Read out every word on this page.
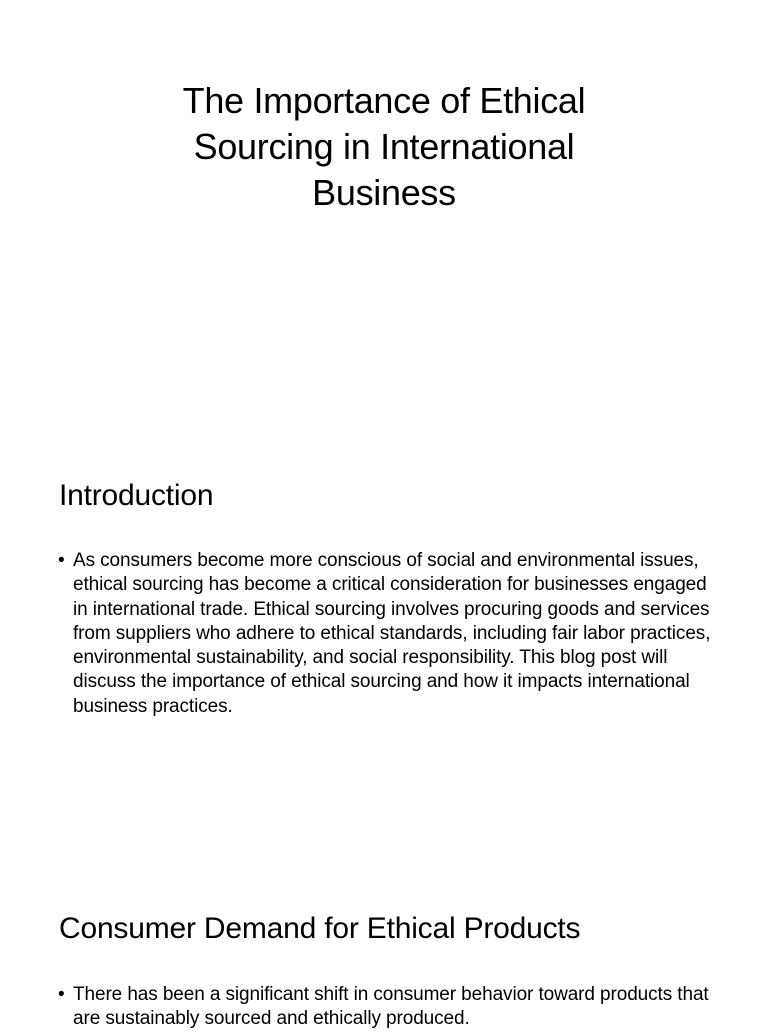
The Importance of Ethical Sourcing in International Business
Introduction
• As consumers become more conscious of social and environmental issues, ethical sourcing has become a critical consideration for businesses engaged in international trade. Ethical sourcing involves procuring goods and services from suppliers who adhere to ethical standards, including fair labor practices, environmental sustainability, and social responsibility. This blog post will discuss the importance of ethical sourcing and how it impacts international business practices.
Consumer Demand for Ethical Products
• There has been a significant shift in consumer behavior toward products that are sustainably sourced and ethically produced.
